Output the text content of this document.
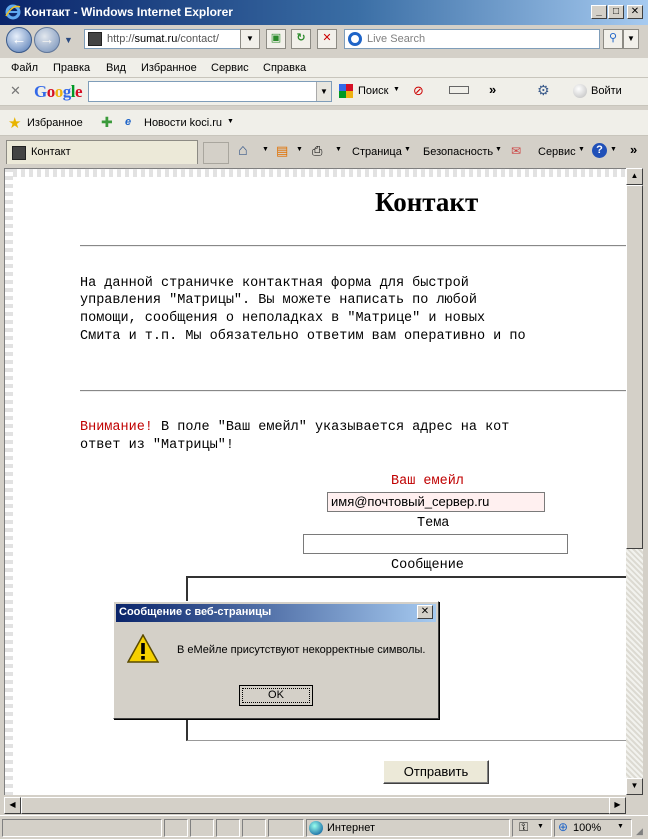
Контакт - Windows Internet Explorer	_	□	✕
← →	▼	http://sumat.ru/contact/	▼	▣	↻	✕	Live Search	⚲	▼
Файл Правка Вид Избранное Сервис Справка
✕ Google	▼	Поиск ▼ ⊘	»	⚙	Войти
★ Избранное ✚ e Новости koci.ru ▼
Контакт	⌂ ▼ ▤ ▼ ⎙ ▼ Страница ▼ Безопасность ▼ ✉ Сервис ▼	?	▼ »
Контакт
На данной страничке контактная форма для быстрой
управления "Матрицы". Вы можете написать по любой
помощи, сообщения о неполадках в "Матрице" и новых
Смита и т.п. Мы обязательно ответим вам оперативно и по
Внимание! В поле "Ваш емейл" указывается адрес на кот
ответ из "Матрицы"!
Ваш емейл
имя@почтовый_сервер.ru
Тема
Сообщение
Отправить
▲
▼
◀	▶
Интернет	⚿ ▼ ⊕ 100% ▼ ◢
Сообщение с веб-страницы	✕
В еМейле присутствуют некорректные символы.
OK
